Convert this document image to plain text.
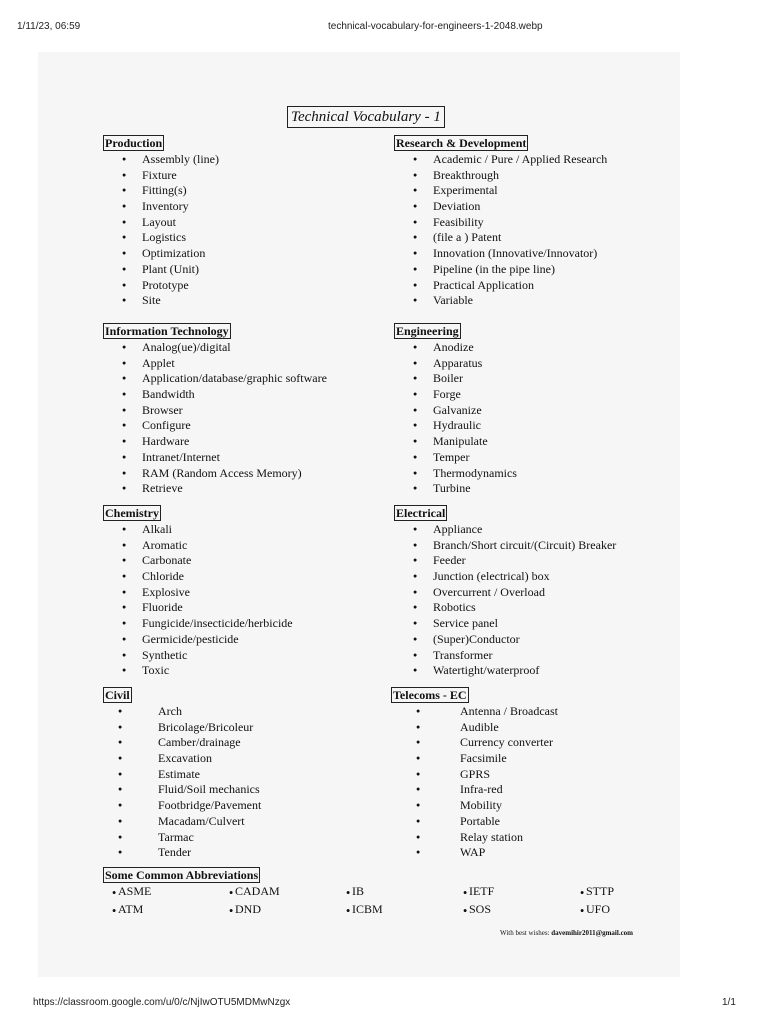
1/11/23, 06:59	technical-vocabulary-for-engineers-1-2048.webp
Technical Vocabulary - 1
Production
● Assembly (line)
● Fixture
● Fitting(s)
● Inventory
● Layout
● Logistics
● Optimization
● Plant (Unit)
● Prototype
● Site
Research & Development
● Academic / Pure / Applied Research
● Breakthrough
● Experimental
● Deviation
● Feasibility
● (file a ) Patent
● Innovation (Innovative/Innovator)
● Pipeline (in the pipe line)
● Practical Application
● Variable
Information Technology
● Analog(ue)/digital
● Applet
● Application/database/graphic software
● Bandwidth
● Browser
● Configure
● Hardware
● Intranet/Internet
● RAM (Random Access Memory)
● Retrieve
Engineering
● Anodize
● Apparatus
● Boiler
● Forge
● Galvanize
● Hydraulic
● Manipulate
● Temper
● Thermodynamics
● Turbine
Chemistry
● Alkali
● Aromatic
● Carbonate
● Chloride
● Explosive
● Fluoride
● Fungicide/insecticide/herbicide
● Germicide/pesticide
● Synthetic
● Toxic
Electrical
● Appliance
● Branch/Short circuit/(Circuit) Breaker
● Feeder
● Junction (electrical) box
● Overcurrent / Overload
● Robotics
● Service panel
● (Super)Conductor
● Transformer
● Watertight/waterproof
Civil
●	Arch
●	Bricolage/Bricoleur
●	Camber/drainage
●	Excavation
●	Estimate
●	Fluid/Soil mechanics
●	Footbridge/Pavement
●	Macadam/Culvert
●	Tarmac
●	Tender
Telecoms - EC
●	Antenna / Broadcast
●	Audible
●	Currency converter
●	Facsimile
●	GPRS
●	Infra-red
●	Mobility
●	Portable
●	Relay station
●	WAP
Some Common Abbreviations
● ASME	● CADAM	● IB	● IETF	● STTP
● ATM	● DND	● ICBM	● SOS	● UFO
With best wishes: davemihir2011@gmail.com
https://classroom.google.com/u/0/c/NjIwOTU5MDMwNzgx	1/1
